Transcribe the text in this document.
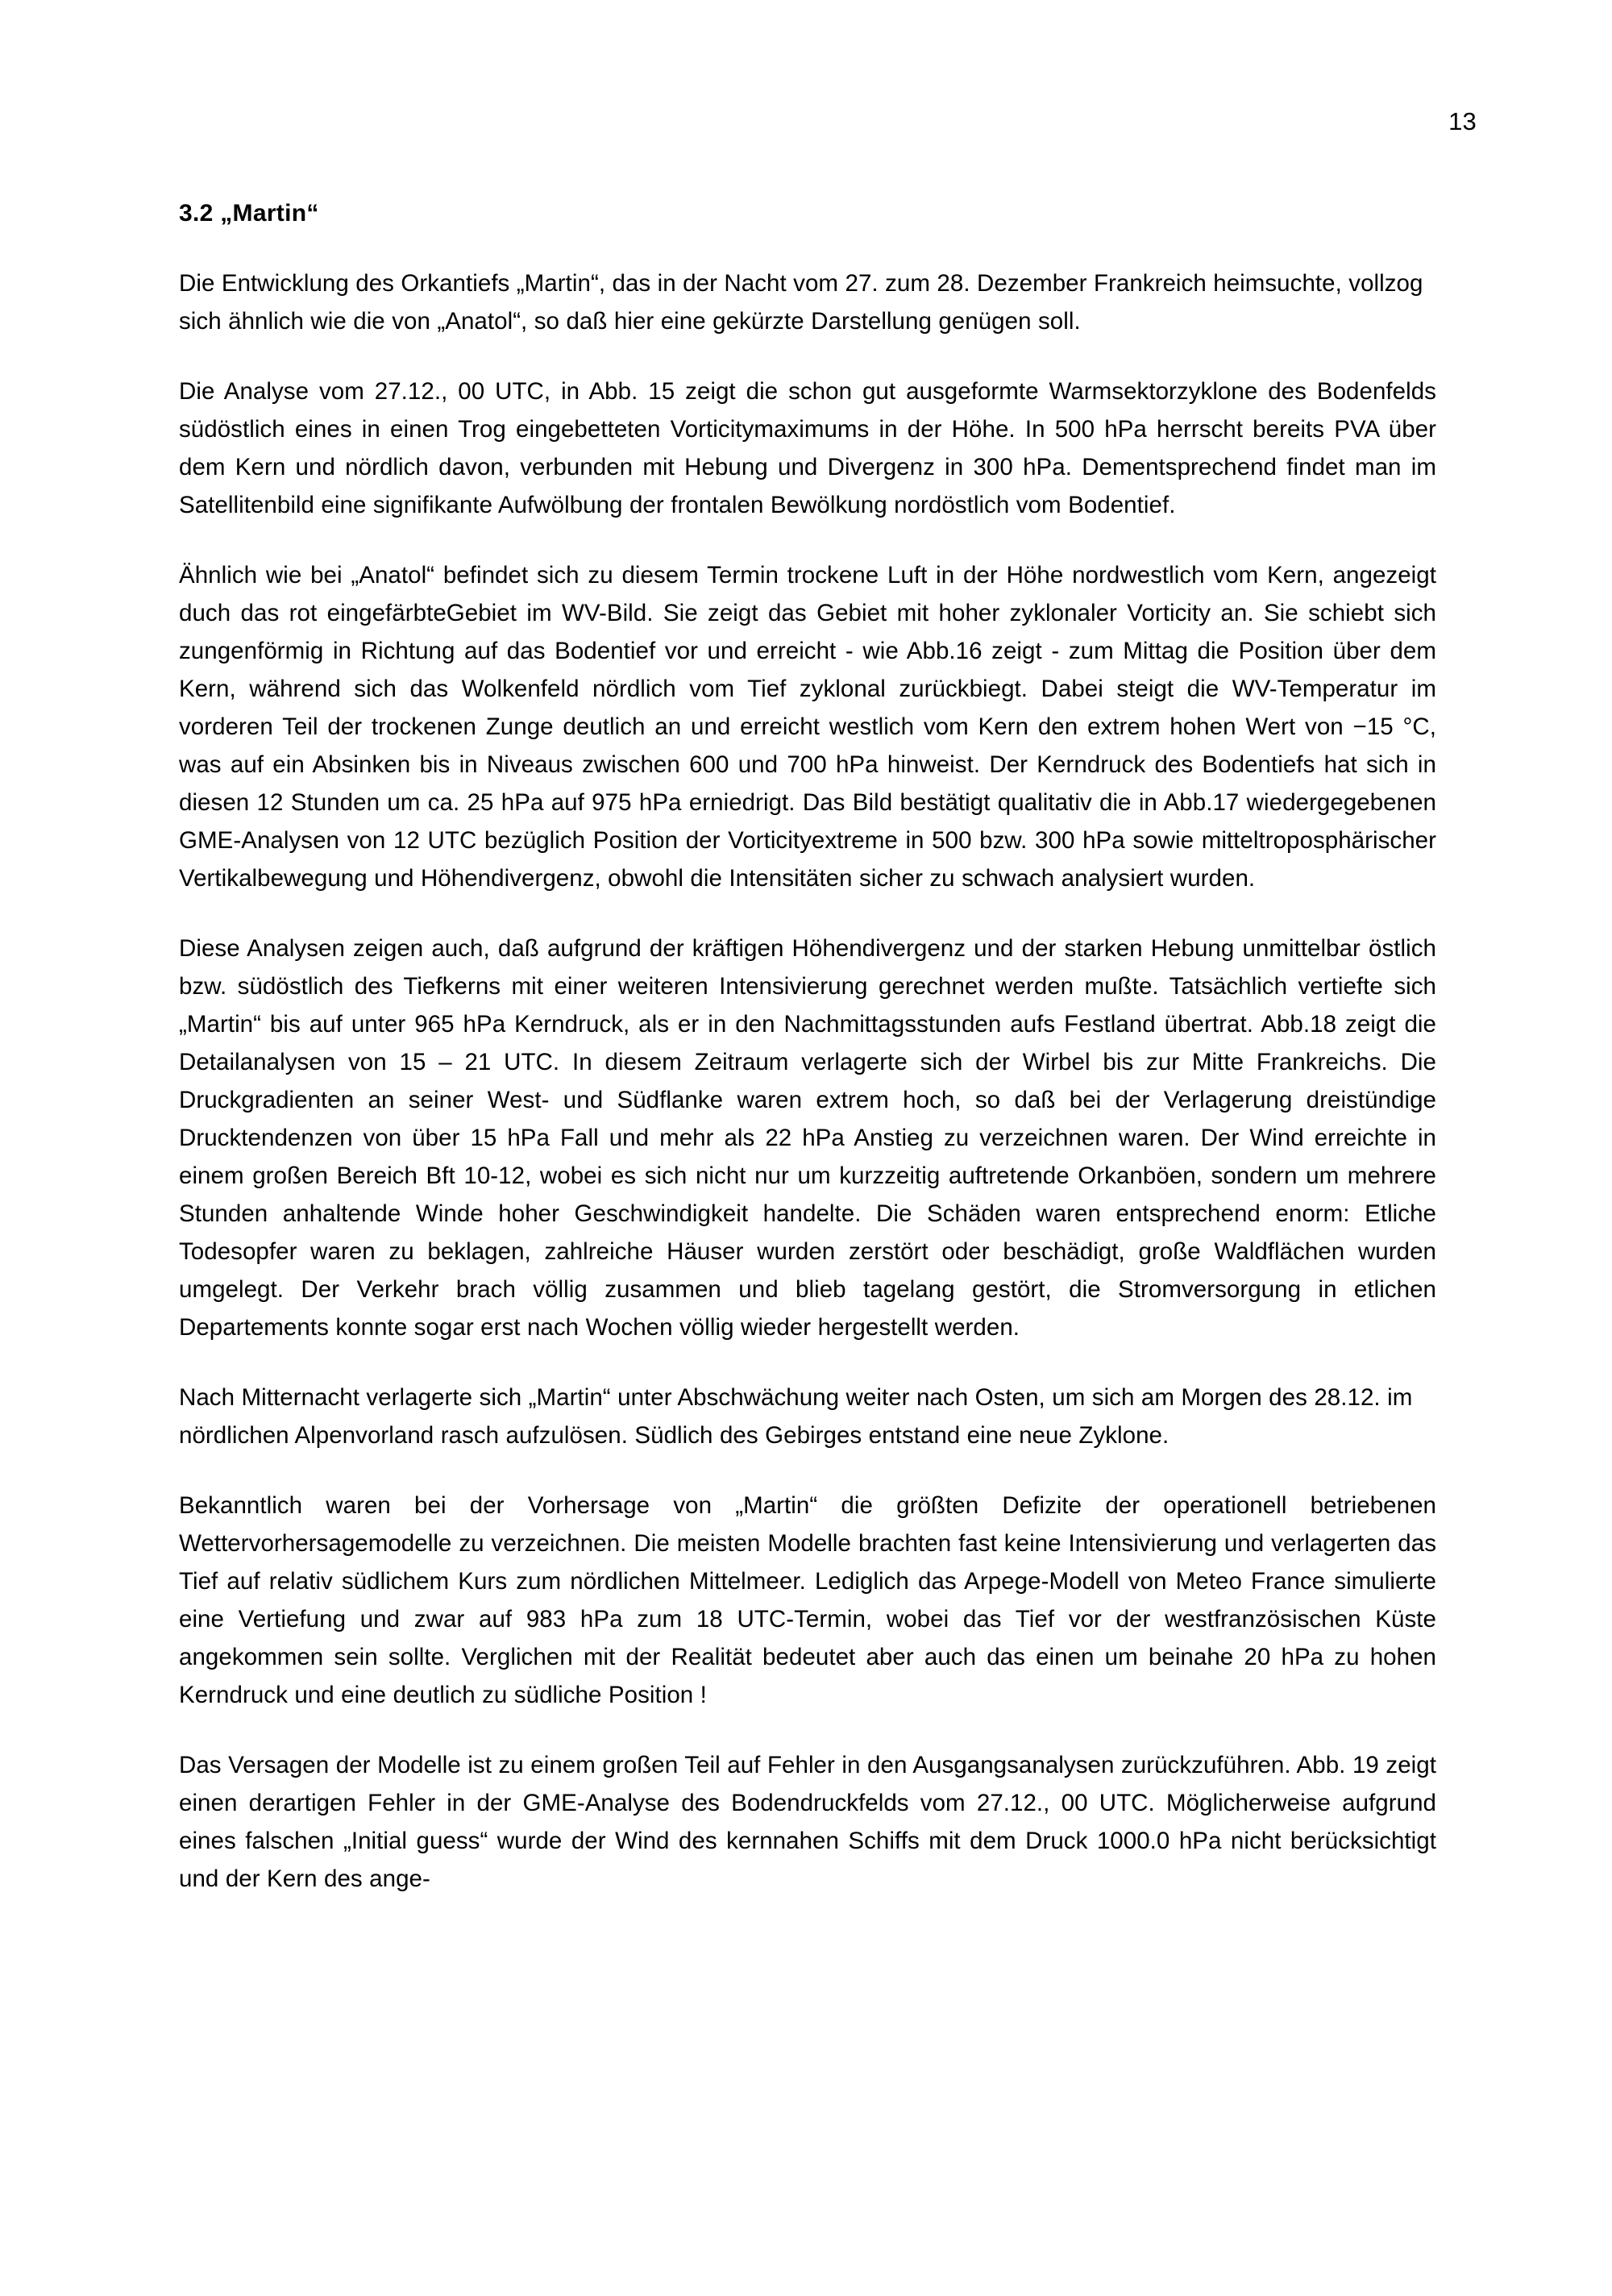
13
3.2 „Martin“

Die Entwicklung des Orkantiefs „Martin“, das in der Nacht vom 27. zum 28. Dezember Frankreich heimsuchte, vollzog sich ähnlich wie die von „Anatol“, so daß hier eine gekürzte Darstellung genügen soll.

Die Analyse vom 27.12., 00 UTC, in Abb. 15 zeigt die schon gut ausgeformte Warmsektorzyklone des Bodenfelds südöstlich eines in einen Trog eingebetteten Vorticitymaximums in der Höhe. In 500 hPa herrscht bereits PVA über dem Kern und nördlich davon, verbunden mit Hebung und Divergenz in 300 hPa. Dementsprechend findet man im Satellitenbild eine signifikante Aufwölbung der frontalen Bewölkung nordöstlich vom Bodentief.

Ähnlich wie bei „Anatol“ befindet sich zu diesem Termin trockene Luft in der Höhe nordwestlich vom Kern, angezeigt duch das rot eingefärbteGebiet im WV-Bild. Sie zeigt das Gebiet mit hoher zyklonaler Vorticity an. Sie schiebt sich zungenförmig in Richtung auf das Bodentief vor und erreicht - wie Abb.16 zeigt - zum Mittag die Position über dem Kern, während sich das Wolkenfeld nördlich vom Tief zyklonal zurückbiegt. Dabei steigt die WV-Temperatur im vorderen Teil der trockenen Zunge deutlich an und erreicht westlich vom Kern den extrem hohen Wert von −15 °C, was auf ein Absinken bis in Niveaus zwischen 600 und 700 hPa hinweist. Der Kerndruck des Bodentiefs hat sich in diesen 12 Stunden um ca. 25 hPa auf 975 hPa erniedrigt. Das Bild bestätigt qualitativ die in Abb.17 wiedergegebenen GME-Analysen von 12 UTC bezüglich Position der Vorticityextreme in 500 bzw. 300 hPa sowie mitteltroposphärischer Vertikalbewegung und Höhendivergenz, obwohl die Intensitäten sicher zu schwach analysiert wurden.

Diese Analysen zeigen auch, daß aufgrund der kräftigen Höhendivergenz und der starken Hebung unmittelbar östlich bzw. südöstlich des Tiefkerns mit einer weiteren Intensivierung gerechnet werden mußte. Tatsächlich vertiefte sich „Martin“ bis auf unter 965 hPa Kerndruck, als er in den Nachmittagsstunden aufs Festland übertrat. Abb.18 zeigt die Detailanalysen von 15 – 21 UTC. In diesem Zeitraum verlagerte sich der Wirbel bis zur Mitte Frankreichs. Die Druckgradienten an seiner West- und Südflanke waren extrem hoch, so daß bei der Verlagerung dreistündige Drucktendenzen von über 15 hPa Fall und mehr als 22 hPa Anstieg zu verzeichnen waren. Der Wind erreichte in einem großen Bereich Bft 10-12, wobei es sich nicht nur um kurzzeitig auftretende Orkanböen, sondern um mehrere Stunden anhaltende Winde hoher Geschwindigkeit handelte. Die Schäden waren entsprechend enorm: Etliche Todesopfer waren zu beklagen, zahlreiche Häuser wurden zerstört oder beschädigt, große Waldflächen wurden umgelegt. Der Verkehr brach völlig zusammen und blieb tagelang gestört, die Stromversorgung in etlichen Departements konnte sogar erst nach Wochen völlig wieder hergestellt werden.

Nach Mitternacht verlagerte sich „Martin“ unter Abschwächung weiter nach Osten, um sich am Morgen des 28.12. im nördlichen Alpenvorland rasch aufzulösen. Südlich des Gebirges entstand eine neue Zyklone.

Bekanntlich waren bei der Vorhersage von „Martin“ die größten Defizite der operationell betriebenen Wettervorhersagemodelle zu verzeichnen. Die meisten Modelle brachten fast keine Intensivierung und verlagerten das Tief auf relativ südlichem Kurs zum nördlichen Mittelmeer. Lediglich das Arpege-Modell von Meteo France simulierte eine Vertiefung und zwar auf 983 hPa zum 18 UTC-Termin, wobei das Tief vor der westfranzösischen Küste angekommen sein sollte. Verglichen mit der Realität bedeutet aber auch das einen um beinahe 20 hPa zu hohen Kerndruck und eine deutlich zu südliche Position !

Das Versagen der Modelle ist zu einem großen Teil auf Fehler in den Ausgangsanalysen zurückzuführen. Abb. 19 zeigt einen derartigen Fehler in der GME-Analyse des Bodendruckfelds vom 27.12., 00 UTC. Möglicherweise aufgrund eines falschen „Initial guess“ wurde der Wind des kernnahen Schiffs mit dem Druck 1000.0 hPa nicht berücksichtigt und der Kern des ange-
